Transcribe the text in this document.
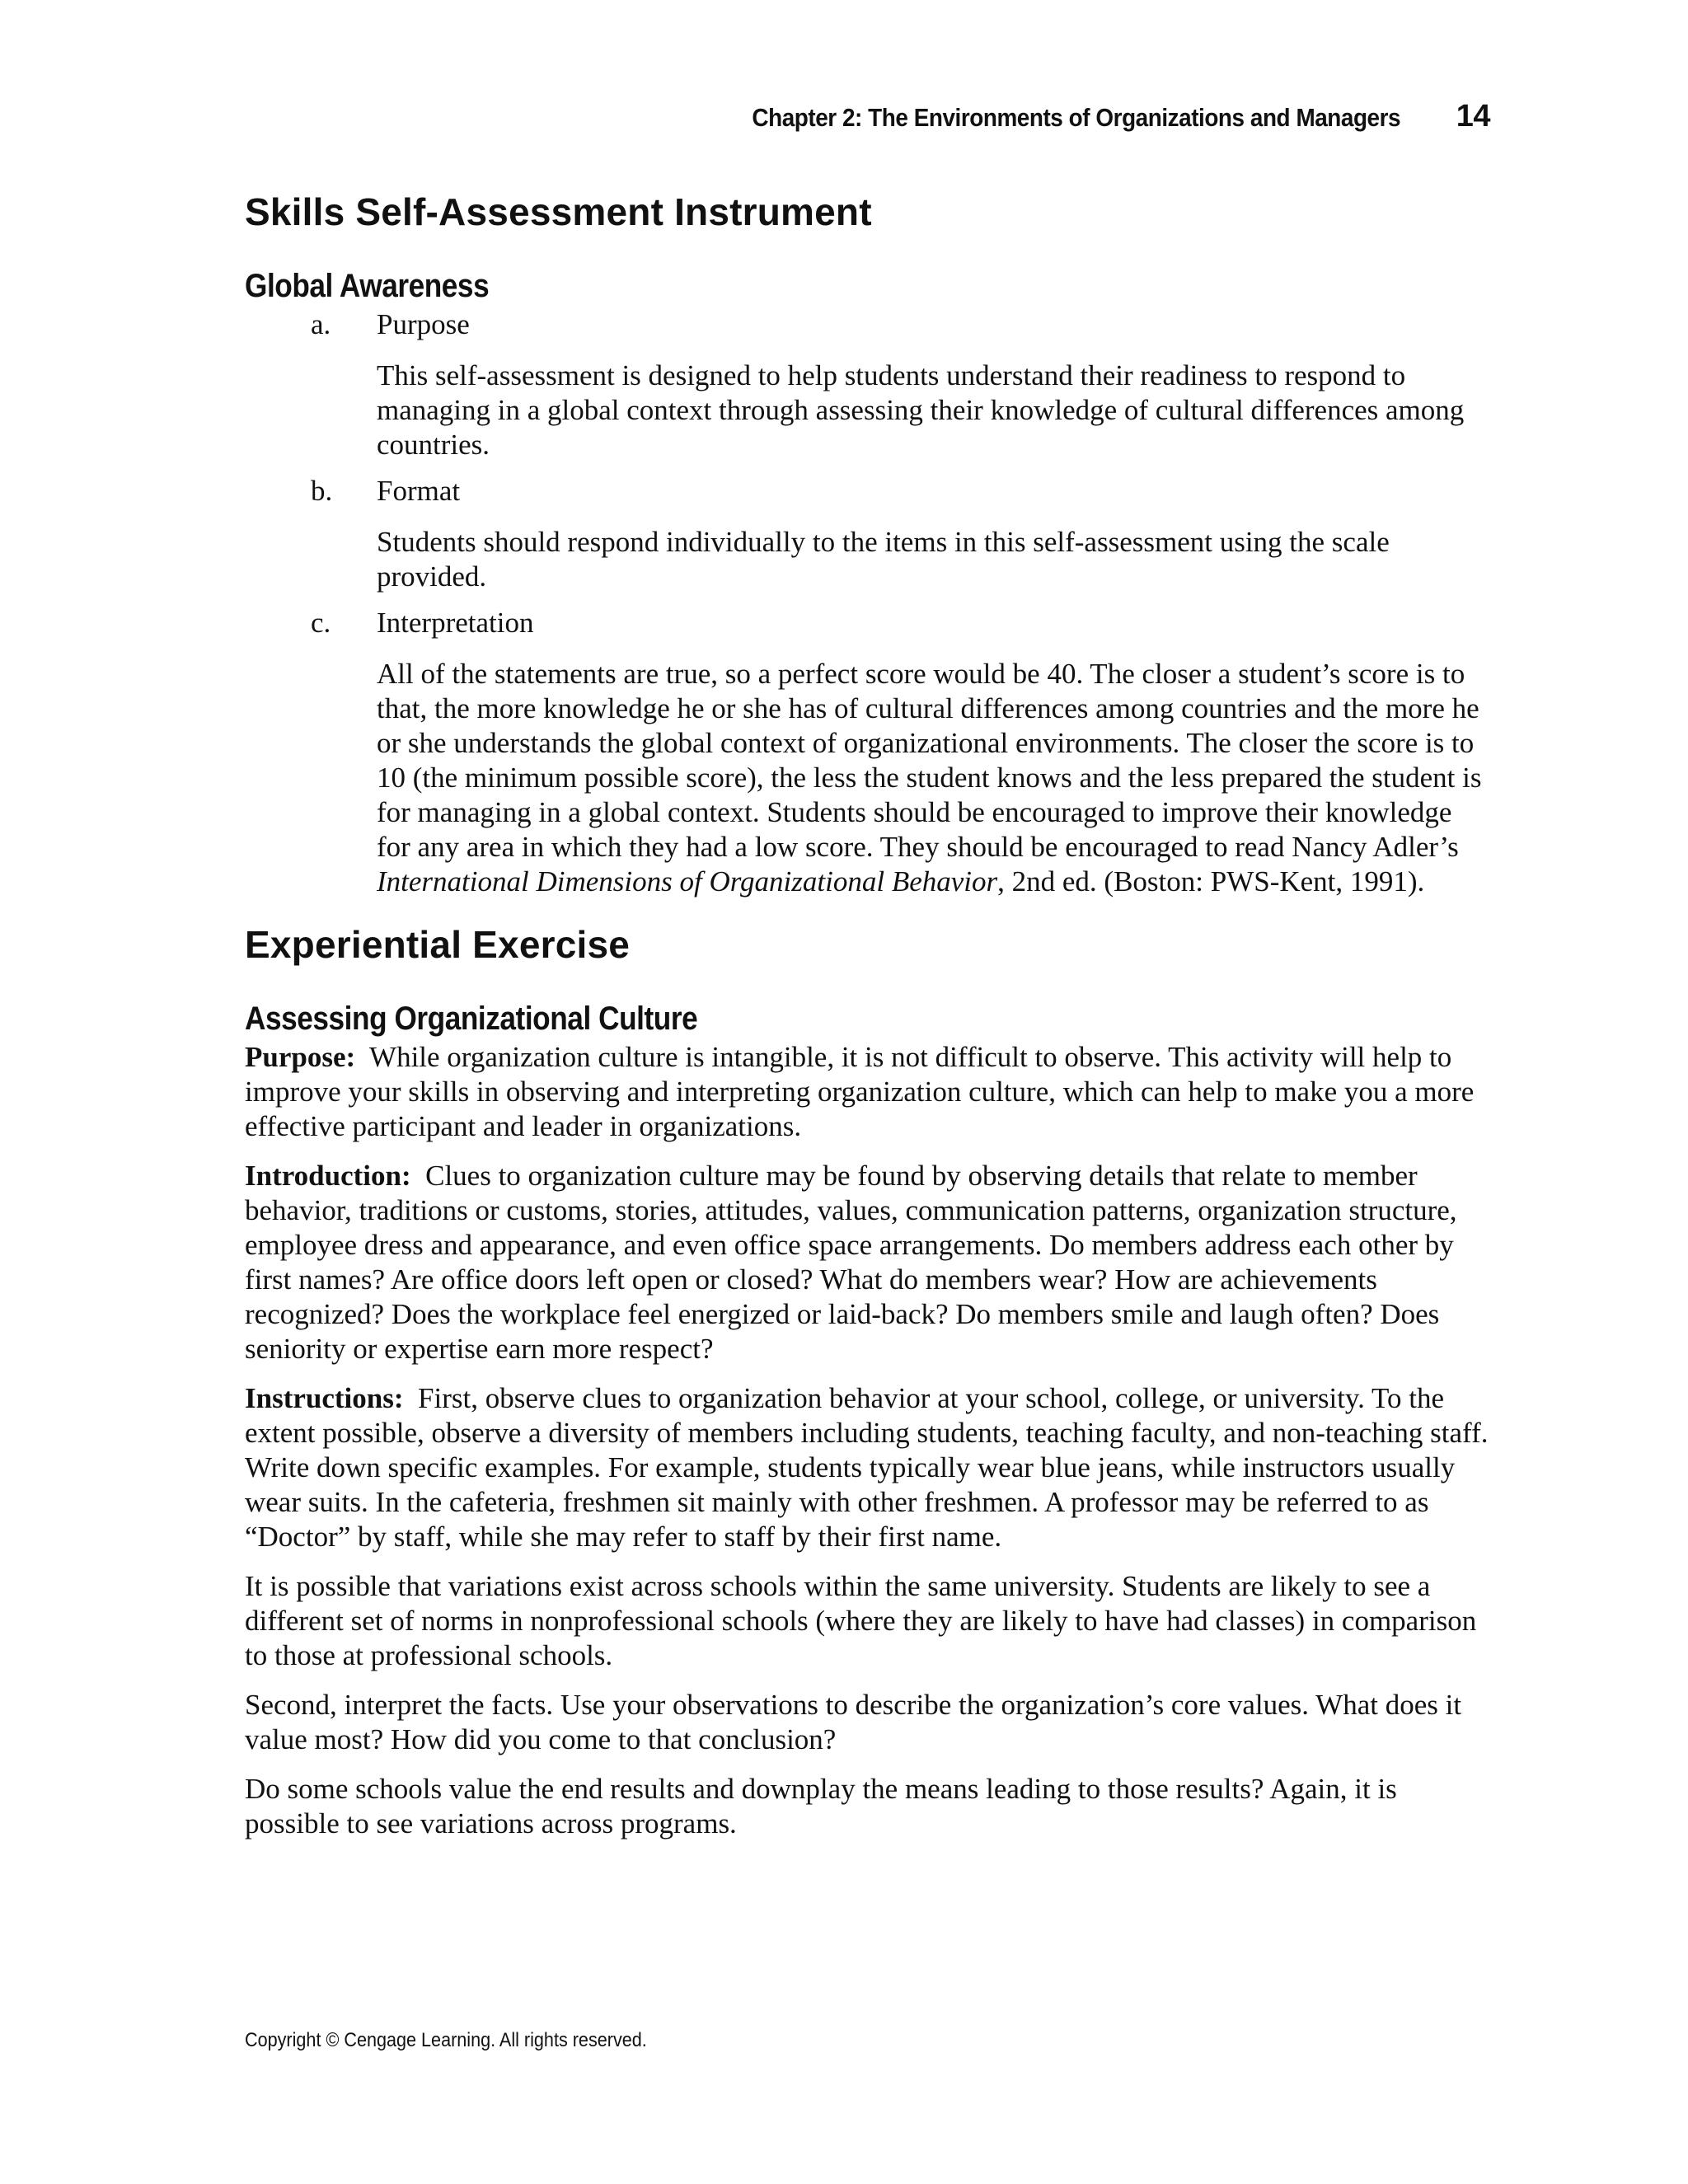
Chapter 2: The Environments of Organizations and Managers 14
Skills Self-Assessment Instrument
Global Awareness
a.	Purpose
This self-assessment is designed to help students understand their readiness to respond to managing in a global context through assessing their knowledge of cultural differences among countries.
b.	Format
Students should respond individually to the items in this self-assessment using the scale provided.
c.	Interpretation
All of the statements are true, so a perfect score would be 40. The closer a student’s score is to that, the more knowledge he or she has of cultural differences among countries and the more he or she understands the global context of organizational environments. The closer the score is to 10 (the minimum possible score), the less the student knows and the less prepared the student is for managing in a global context. Students should be encouraged to improve their knowledge for any area in which they had a low score. They should be encouraged to read Nancy Adler’s International Dimensions of Organizational Behavior, 2nd ed. (Boston: PWS-Kent, 1991).
Experiential Exercise
Assessing Organizational Culture

Purpose: While organization culture is intangible, it is not difficult to observe. This activity will help to improve your skills in observing and interpreting organization culture, which can help to make you a more effective participant and leader in organizations.

Introduction: Clues to organization culture may be found by observing details that relate to member behavior, traditions or customs, stories, attitudes, values, communication patterns, organization structure, employee dress and appearance, and even office space arrangements. Do members address each other by first names? Are office doors left open or closed? What do members wear? How are achievements recognized? Does the workplace feel energized or laid-back? Do members smile and laugh often? Does seniority or expertise earn more respect?

Instructions: First, observe clues to organization behavior at your school, college, or university. To the extent possible, observe a diversity of members including students, teaching faculty, and non-teaching staff. Write down specific examples. For example, students typically wear blue jeans, while instructors usually wear suits. In the cafeteria, freshmen sit mainly with other freshmen. A professor may be referred to as “Doctor” by staff, while she may refer to staff by their first name.

It is possible that variations exist across schools within the same university. Students are likely to see a different set of norms in nonprofessional schools (where they are likely to have had classes) in comparison to those at professional schools.

Second, interpret the facts. Use your observations to describe the organization’s core values. What does it value most? How did you come to that conclusion?

Do some schools value the end results and downplay the means leading to those results? Again, it is possible to see variations across programs.

Copyright © Cengage Learning. All rights reserved.
